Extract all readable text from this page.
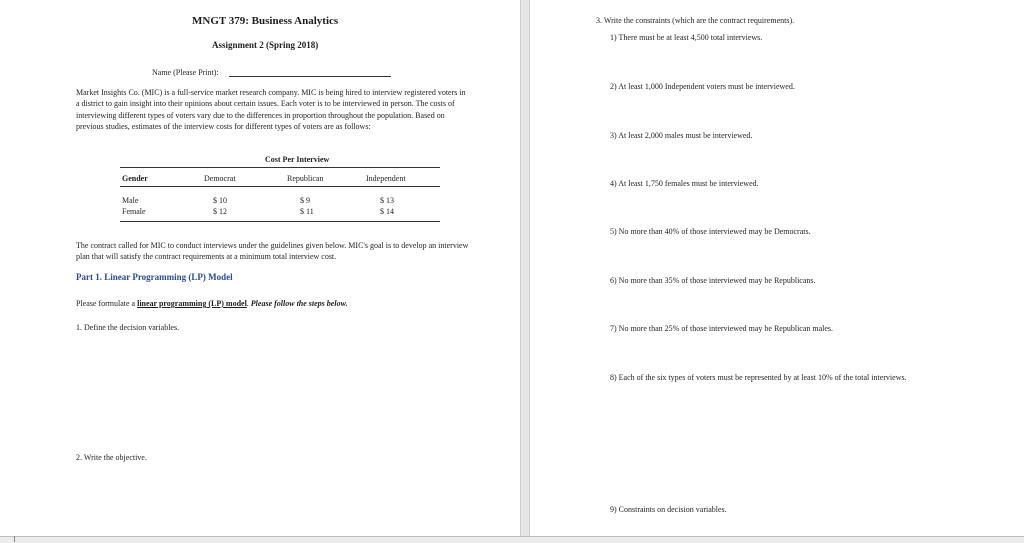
MNGT 379: Business Analytics
Assignment 2 (Spring 2018)
Name (Please Print):
Market Insights Co. (MIC) is a full-service market research company. MIC is being hired to interview registered voters in a district to gain insight into their opinions about certain issues. Each voter is to be interviewed in person. The costs of interviewing different types of voters vary due to the differences in proportion throughout the population. Based on previous studies, estimates of the interview costs for different types of voters are as follows:
Cost Per Interview
Gender	Democrat	Republican	Independent
Male	$ 10	$ 9	$ 13
Female	$ 12	$ 11	$ 14
The contract called for MIC to conduct interviews under the guidelines given below. MIC's goal is to develop an interview plan that will satisfy the contract requirements at a minimum total interview cost.
Part 1. Linear Programming (LP) Model
Please formulate a linear programming (LP) model. Please follow the steps below.
1. Define the decision variables.
2. Write the objective.
3. Write the constraints (which are the contract requirements).
1) There must be at least 4,500 total interviews.
2) At least 1,000 Independent voters must be interviewed.
3) At least 2,000 males must be interviewed.
4) At least 1,750 females must be interviewed.
5) No more than 40% of those interviewed may be Democrats.
6) No more than 35% of those interviewed may be Republicans.
7) No more than 25% of those interviewed may be Republican males.
8) Each of the six types of voters must be represented by at least 10% of the total interviews.
9) Constraints on decision variables.
